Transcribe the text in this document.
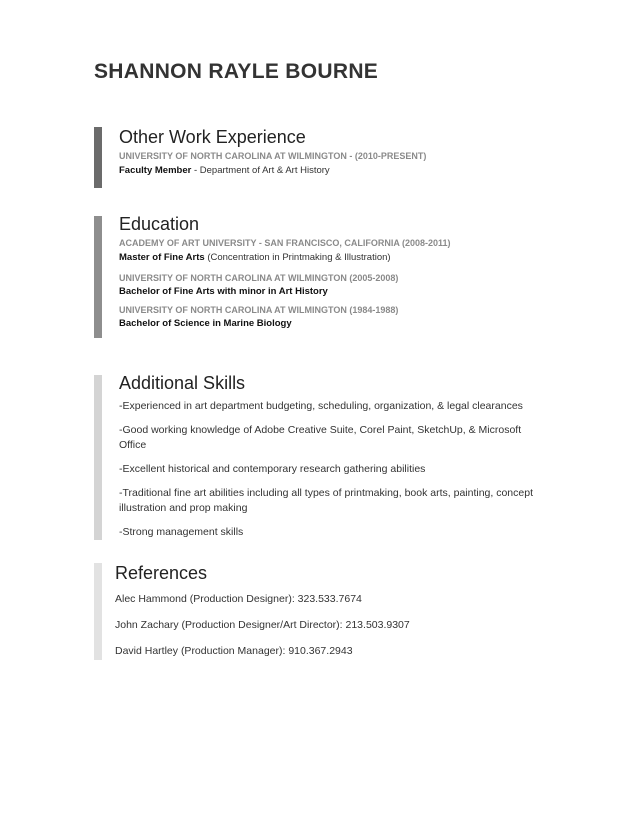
SHANNON RAYLE BOURNE
Other Work Experience

UNIVERSITY OF NORTH CAROLINA AT WILMINGTON - (2010-PRESENT)

Faculty Member - Department of Art & Art History

Education

ACADEMY OF ART UNIVERSITY - SAN FRANCISCO, CALIFORNIA (2008-2011)

Master of Fine Arts (Concentration in Printmaking & Illustration)

UNIVERSITY OF NORTH CAROLINA AT WILMINGTON (2005-2008)

Bachelor of Fine Arts with minor in Art History

UNIVERSITY OF NORTH CAROLINA AT WILMINGTON (1984-1988)

Bachelor of Science in Marine Biology

Additional Skills

-Experienced in art department budgeting, scheduling, organization, & legal clearances

-Good working knowledge of Adobe Creative Suite, Corel Paint, SketchUp, & Microsoft Office

-Excellent historical and contemporary research gathering abilities

-Traditional fine art abilities including all types of printmaking, book arts, painting, concept illustration and prop making

-Strong management skills

References

Alec Hammond (Production Designer): 323.533.7674

John Zachary (Production Designer/Art Director): 213.503.9307

David Hartley (Production Manager): 910.367.2943
